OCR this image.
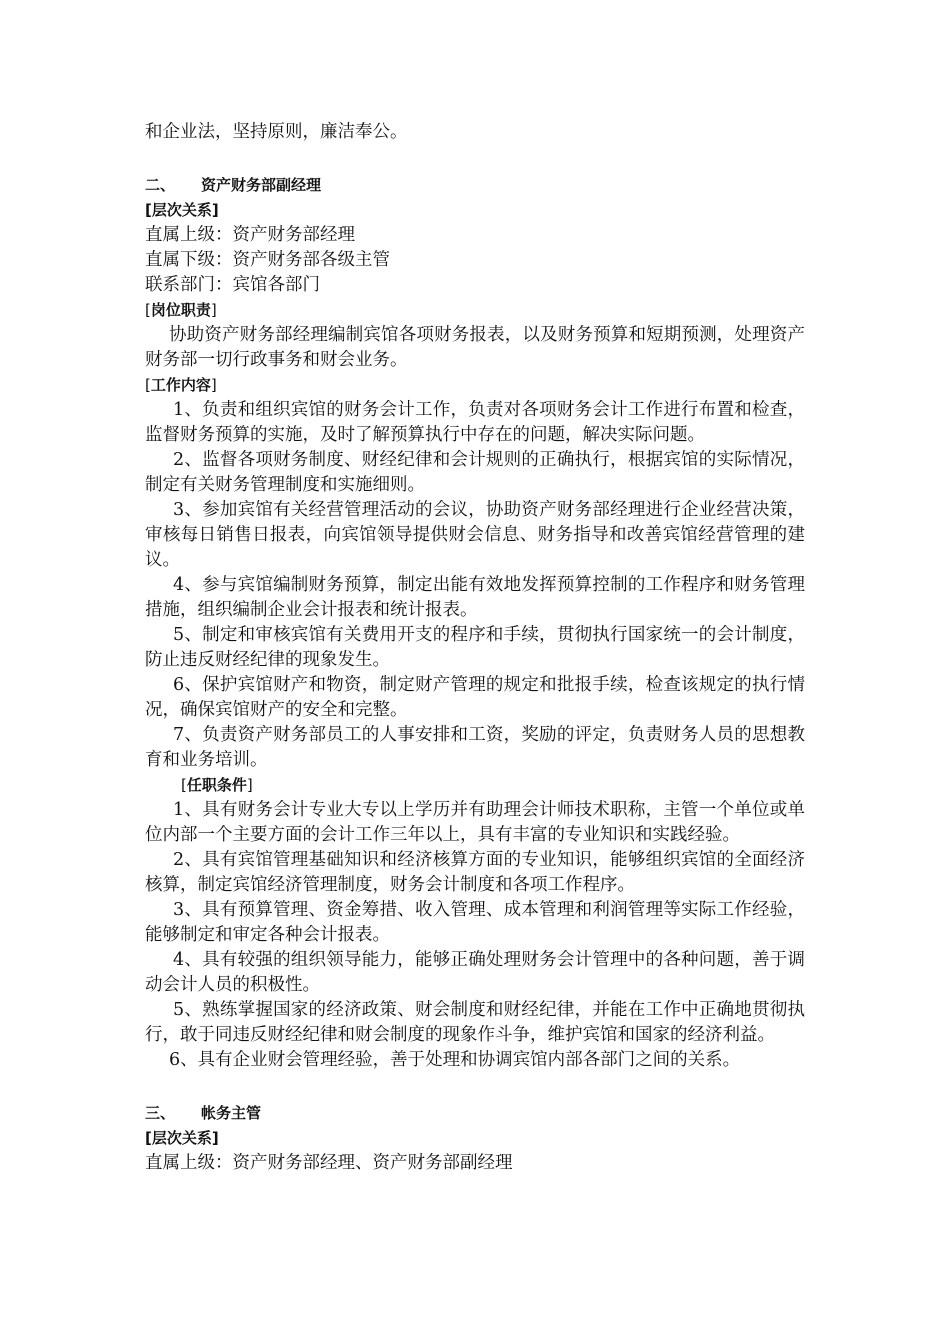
和企业法，坚持原则，廉洁奉公。

二、	资产财务部副经理
[层次关系]

直属上级：资产财务部经理

直属下级：资产财务部各级主管

联系部门：宾馆各部门

[岗位职责]

协助资产财务部经理编制宾馆各项财务报表，以及财务预算和短期预测，处理资产财务部一切行政事务和财会业务。

[工作内容]

1、负责和组织宾馆的财务会计工作，负责对各项财务会计工作进行布置和检查，监督财务预算的实施，及时了解预算执行中存在的问题，解决实际问题。

2、监督各项财务制度、财经纪律和会计规则的正确执行，根据宾馆的实际情况，制定有关财务管理制度和实施细则。

3、参加宾馆有关经营管理活动的会议，协助资产财务部经理进行企业经营决策，审核每日销售日报表，向宾馆领导提供财会信息、财务指导和改善宾馆经营管理的建议。

4、参与宾馆编制财务预算，制定出能有效地发挥预算控制的工作程序和财务管理措施，组织编制企业会计报表和统计报表。

5、制定和审核宾馆有关费用开支的程序和手续，贯彻执行国家统一的会计制度，防止违反财经纪律的现象发生。

6、保护宾馆财产和物资，制定财产管理的规定和批报手续，检查该规定的执行情况，确保宾馆财产的安全和完整。

7、负责资产财务部员工的人事安排和工资，奖励的评定，负责财务人员的思想教育和业务培训。

[任职条件]

1、具有财务会计专业大专以上学历并有助理会计师技术职称，主管一个单位或单位内部一个主要方面的会计工作三年以上，具有丰富的专业知识和实践经验。

2、具有宾馆管理基础知识和经济核算方面的专业知识，能够组织宾馆的全面经济核算，制定宾馆经济管理制度，财务会计制度和各项工作程序。

3、具有预算管理、资金筹措、收入管理、成本管理和利润管理等实际工作经验，能够制定和审定各种会计报表。

4、具有较强的组织领导能力，能够正确处理财务会计管理中的各种问题，善于调动会计人员的积极性。

5、熟练掌握国家的经济政策、财会制度和财经纪律，并能在工作中正确地贯彻执行，敢于同违反财经纪律和财会制度的现象作斗争，维护宾馆和国家的经济利益。

6、具有企业财会管理经验，善于处理和协调宾馆内部各部门之间的关系。

三、	帐务主管
[层次关系]

直属上级：资产财务部经理、资产财务部副经理
